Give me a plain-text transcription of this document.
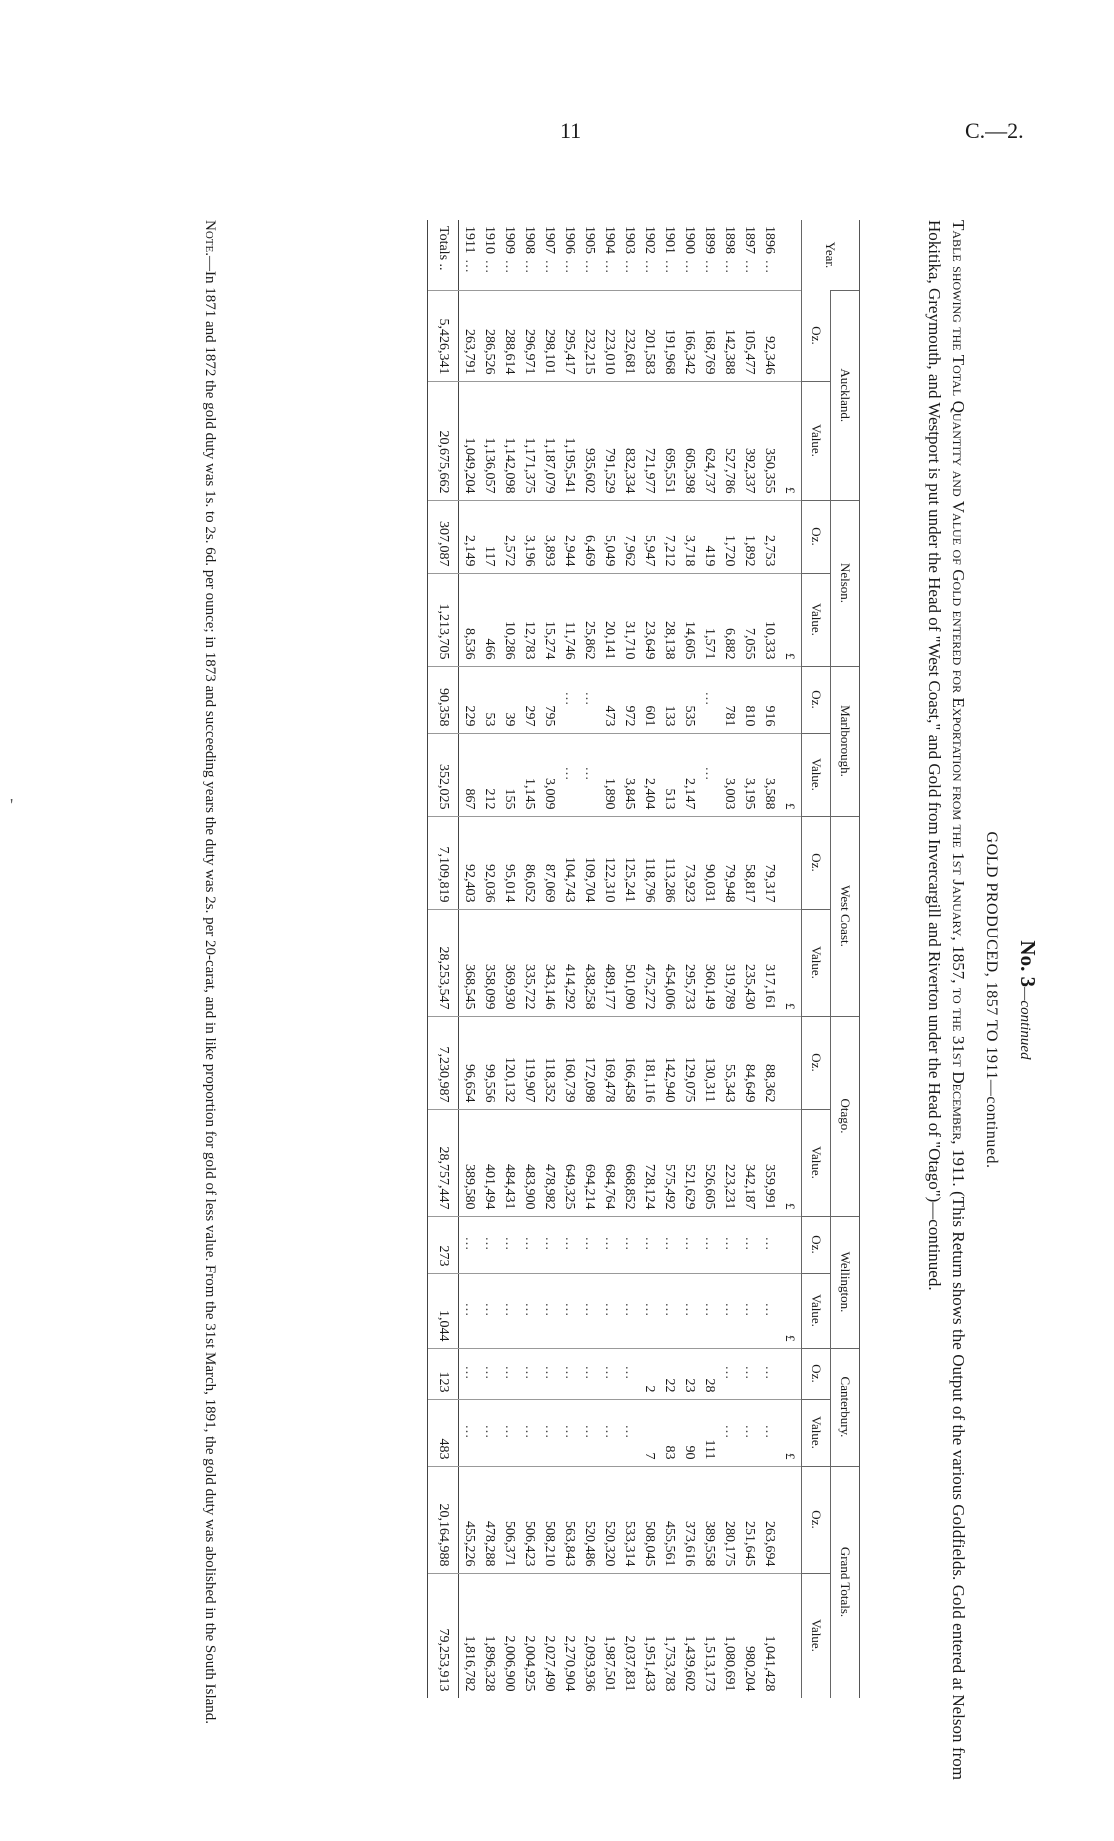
11	C.—2.
'
No. 3—continued
GOLD PRODUCED, 1857 TO 1911—continued.
Table showing the Total Quantity and Value of Gold entered for Exportation from the 1st January, 1857, to the 31st December, 1911. (This Return shows the Output of the various Goldfields. Gold entered at Nelson from Hokitika, Greymouth, and Westport is put under the Head of "West Coast," and Gold from Invercargill and Riverton under the Head of "Otago")—continued.
Year.	Auckland.		Nelson.		Marlborough.		West Coast.		Otago.		Wellington.		Canterbury.		Grand Totals.	
	Oz.	Value.	Oz.	Value.	Oz.	Value.	Oz.	Value.	Oz.	Value.	Oz.	Value.	Oz.	Value.	Oz.	Value.
		£		£		£		£		£		£		£		
1896 …	92,346	350,355	2,753	10,333	916	3,588	79,317	317,161	88,362	359,991	…	…	…	…	263,694	1,041,428
1897 …	105,477	392,337	1,892	7,055	810	3,195	58,817	235,430	84,649	342,187	…	…	…	…	251,645	980,204
1898 …	142,388	527,786	1,720	6,882	781	3,003	79,948	319,789	55,343	223,231	…	…	…	…	280,175	1,080,691
1899 …	168,769	624,737	419	1,571	…	…	90,031	360,149	130,311	526,605	…	…	28	111	389,558	1,513,173
1900 …	166,342	605,398	3,718	14,605	535	2,147	73,923	295,733	129,075	521,629	…	…	23	90	373,616	1,439,602
1901 …	191,968	695,551	7,212	28,138	133	513	113,286	454,006	142,940	575,492	…	…	22	83	455,561	1,753,783
1902 …	201,583	721,977	5,947	23,649	601	2,404	118,796	475,272	181,116	728,124	…	…	2	7	508,045	1,951,433
1903 …	232,681	832,334	7,962	31,710	972	3,845	125,241	501,090	166,458	668,852	…	…	…	…	533,314	2,037,831
1904 …	223,010	791,529	5,049	20,141	473	1,890	122,310	489,177	169,478	684,764	…	…	…	…	520,320	1,987,501
1905 …	232,215	935,602	6,469	25,862	…	…	109,704	438,258	172,098	694,214	…	…	…	…	520,486	2,093,936
1906 …	295,417	1,195,541	2,944	11,746	…	…	104,743	414,292	160,739	649,325	…	…	…	…	563,843	2,270,904
1907 …	298,101	1,187,079	3,893	15,274	795	3,009	87,069	343,146	118,352	478,982	…	…	…	…	508,210	2,027,490
1908 …	296,971	1,171,375	3,196	12,783	297	1,145	86,052	335,722	119,907	483,900	…	…	…	…	506,423	2,004,925
1909 …	288,614	1,142,098	2,572	10,286	39	155	95,014	369,930	120,132	484,431	…	…	…	…	506,371	2,006,900
1910 …	286,526	1,136,057	117	466	53	212	92,036	358,099	99,556	401,494	…	…	…	…	478,288	1,896,328
1911 …	263,791	1,049,204	2,149	8,536	229	867	92,403	368,545	96,654	389,580	…	…	…	…	455,226	1,816,782
Totals ..	5,426,341	20,675,662	307,087	1,213,705	90,358	352,025	7,109,819	28,253,547	7,230,987	28,757,447	273	1,044	123	483	20,164,988	79,253,913
Note.—In 1871 and 1872 the gold duty was 1s. to 2s. 6d. per ounce; in 1873 and succeeding years the duty was 2s. per 20-carat, and in like proportion for gold of less value. From the 31st March, 1891, the gold duty was abolished in the South Island.
